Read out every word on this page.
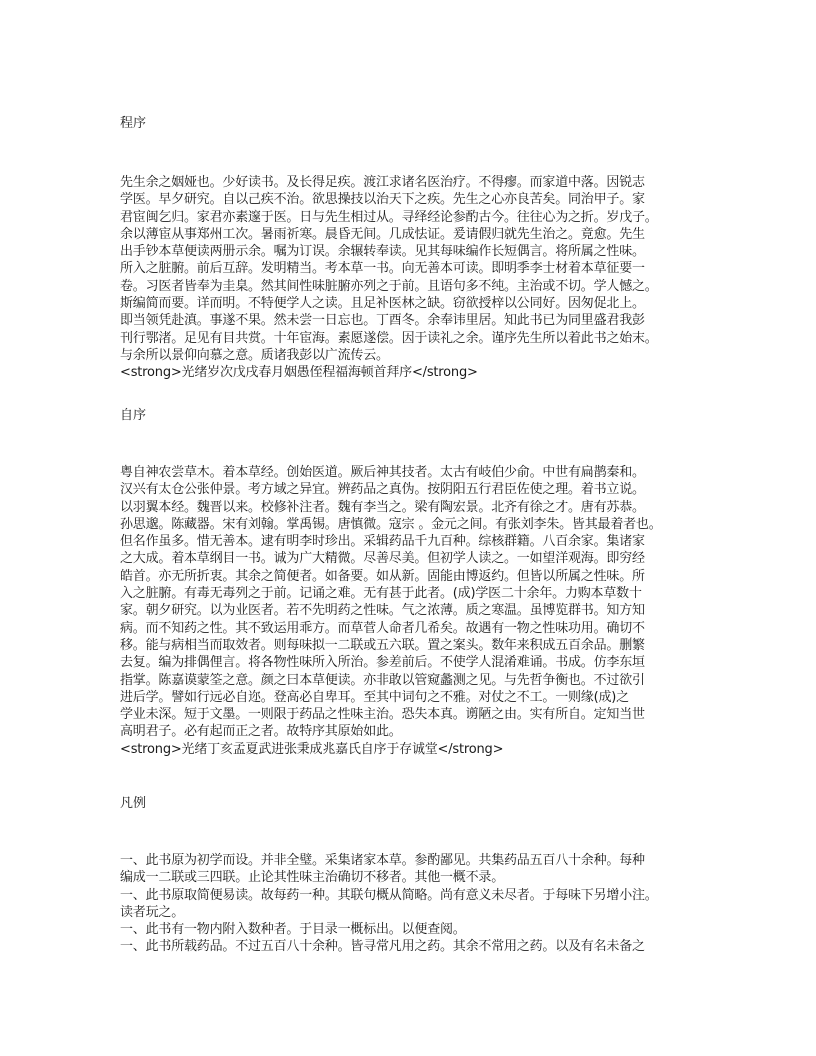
程序
先生余之姻娅也。少好读书。及长得足疾。渡江求诸名医治疗。不得瘳。而家道中落。因锐志
学医。早夕研究。自以己疾不治。欲思操技以治天下之疾。先生之心亦良苦矣。同治甲子。家
君宦闽乞归。家君亦素邃于医。日与先生相过从。寻绎经论参酌古今。往往心为之折。岁戊子。
余以薄宦从事郑州工次。暑雨祈寒。晨昏无间。几成怯证。爰请假归就先生治之。竟愈。先生
出手钞本草便读两册示余。嘱为订误。余辗转奉读。见其每味编作长短偶言。将所属之性味。
所入之脏腑。前后互辞。发明精当。考本草一书。向无善本可读。即明季李士材着本草征要一
卷。习医者皆奉为圭臬。然其间性味脏腑亦列之于前。且语句多不纯。主治或不切。学人憾之。
斯编简而要。详而明。不特便学人之读。且足补医林之缺。窃欲授梓以公同好。因匆促北上。
即当领凭赴滇。事遂不果。然未尝一日忘也。丁酉冬。余奉讳里居。知此书已为同里盛君我彭
刊行鄂渚。足见有目共赏。十年宦海。素愿遂偿。因于读礼之余。谨序先生所以着此书之始末。
与余所以景仰向慕之意。质诸我彭以广流传云。
<strong>光绪岁次戊戌春月姻愚侄程福海顿首拜序</strong>
自序
粤自神农尝草木。着本草经。创始医道。厥后神其技者。太古有岐伯少俞。中世有扁鹊秦和。
汉兴有太仓公张仲景。考方域之异宜。辨药品之真伪。按阴阳五行君臣佐使之理。着书立说。
以羽翼本经。魏晋以来。校修补注者。魏有李当之。梁有陶宏景。北齐有徐之才。唐有苏恭。
孙思邈。陈藏器。宋有刘翰。掌禹锡。唐慎微。寇宗 。金元之间。有张刘李朱。皆其最着者也。
但名作虽多。惜无善本。逮有明李时珍出。采辑药品千九百种。综核群籍。八百余家。集诸家
之大成。着本草纲目一书。诚为广大精微。尽善尽美。但初学人读之。一如望洋观海。即穷经
皓首。亦无所折衷。其余之简便者。如备要。如从新。固能由博返约。但皆以所属之性味。所
入之脏腑。有毒无毒列之于前。记诵之难。无有甚于此者。(成)学医二十余年。力购本草数十
家。朝夕研究。以为业医者。若不先明药之性味。气之浓薄。质之寒温。虽博览群书。知方知
病。而不知药之性。其不致运用乖方。而草菅人命者几希矣。故遇有一物之性味功用。确切不
移。能与病相当而取效者。则每味拟一二联或五六联。置之案头。数年来积成五百余品。删繁
去复。编为排偶俚言。将各物性味所入所治。参差前后。不使学人混淆难诵。书成。仿李东垣
指掌。陈嘉谟蒙筌之意。颜之曰本草便读。亦非敢以管窥蠡测之见。与先哲争衡也。不过欲引
进后学。譬如行远必自迩。登高必自卑耳。至其中词句之不雅。对仗之不工。一则缘(成)之
学业未深。短于文墨。一则限于药品之性味主治。恐失本真。谫陋之由。实有所自。定知当世
高明君子。必有起而正之者。故特序其原始如此。
<strong>光绪丁亥孟夏武进张秉成兆嘉氏自序于存诚堂</strong>
凡例
一、此书原为初学而设。并非全璧。采集诸家本草。参酌鄙见。共集药品五百八十余种。每种
编成一二联或三四联。止论其性味主治确切不移者。其他一概不录。
一、此书原取简便易读。故每药一种。其联句概从简略。尚有意义未尽者。于每味下另增小注。
读者玩之。
一、此书有一物内附入数种者。于目录一概标出。以便查阅。
一、此书所载药品。不过五百八十余种。皆寻常凡用之药。其余不常用之药。以及有名未备之
